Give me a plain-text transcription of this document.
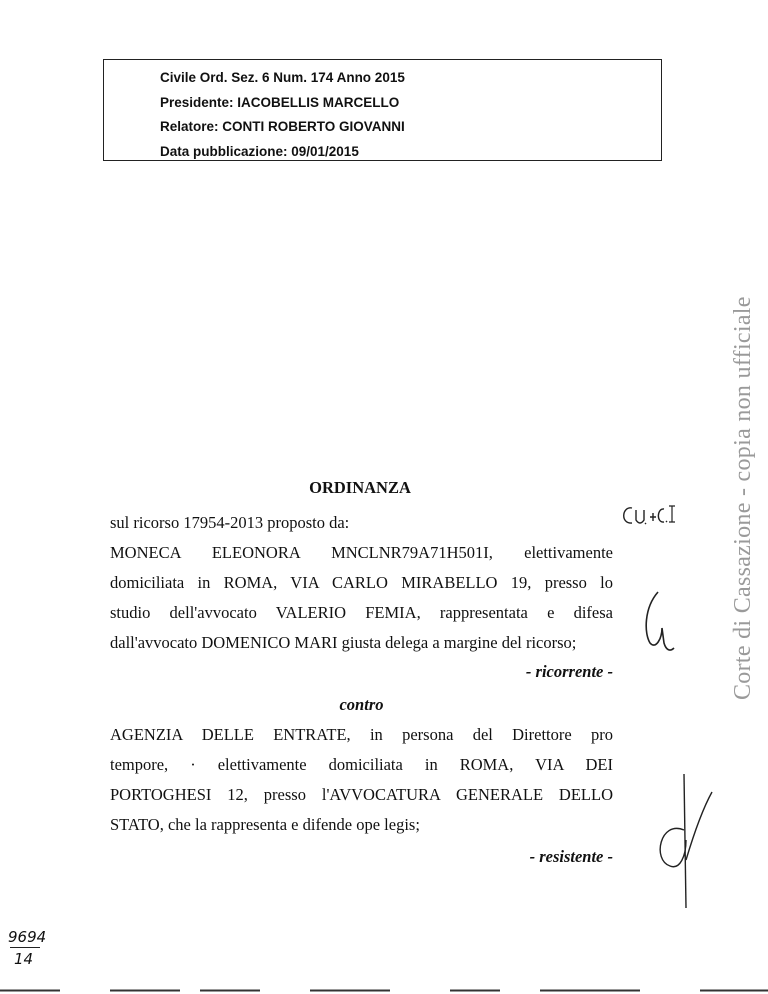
Civile Ord. Sez. 6 Num. 174 Anno 2015
Presidente: IACOBELLIS MARCELLO
Relatore: CONTI ROBERTO GIOVANNI
Data pubblicazione: 09/01/2015
Corte di Cassazione - copia non ufficiale
ORDINANZA
sul ricorso 17954-2013 proposto da:
MONECA ELEONORA MNCLNR79A71H501I, elettivamente
domiciliata in ROMA, VIA CARLO MIRABELLO 19, presso lo
studio dell'avvocato VALERIO FEMIA, rappresentata e difesa
dall'avvocato DOMENICO MARI giusta delega a margine del ricorso;
- ricorrente -
contro
AGENZIA DELLE ENTRATE, in persona del Direttore pro
tempore, · elettivamente domiciliata in ROMA, VIA DEI
PORTOGHESI 12, presso l'AVVOCATURA GENERALE DELLO
STATO, che la rappresenta e difende ope legis;
- resistente -
9694
14
